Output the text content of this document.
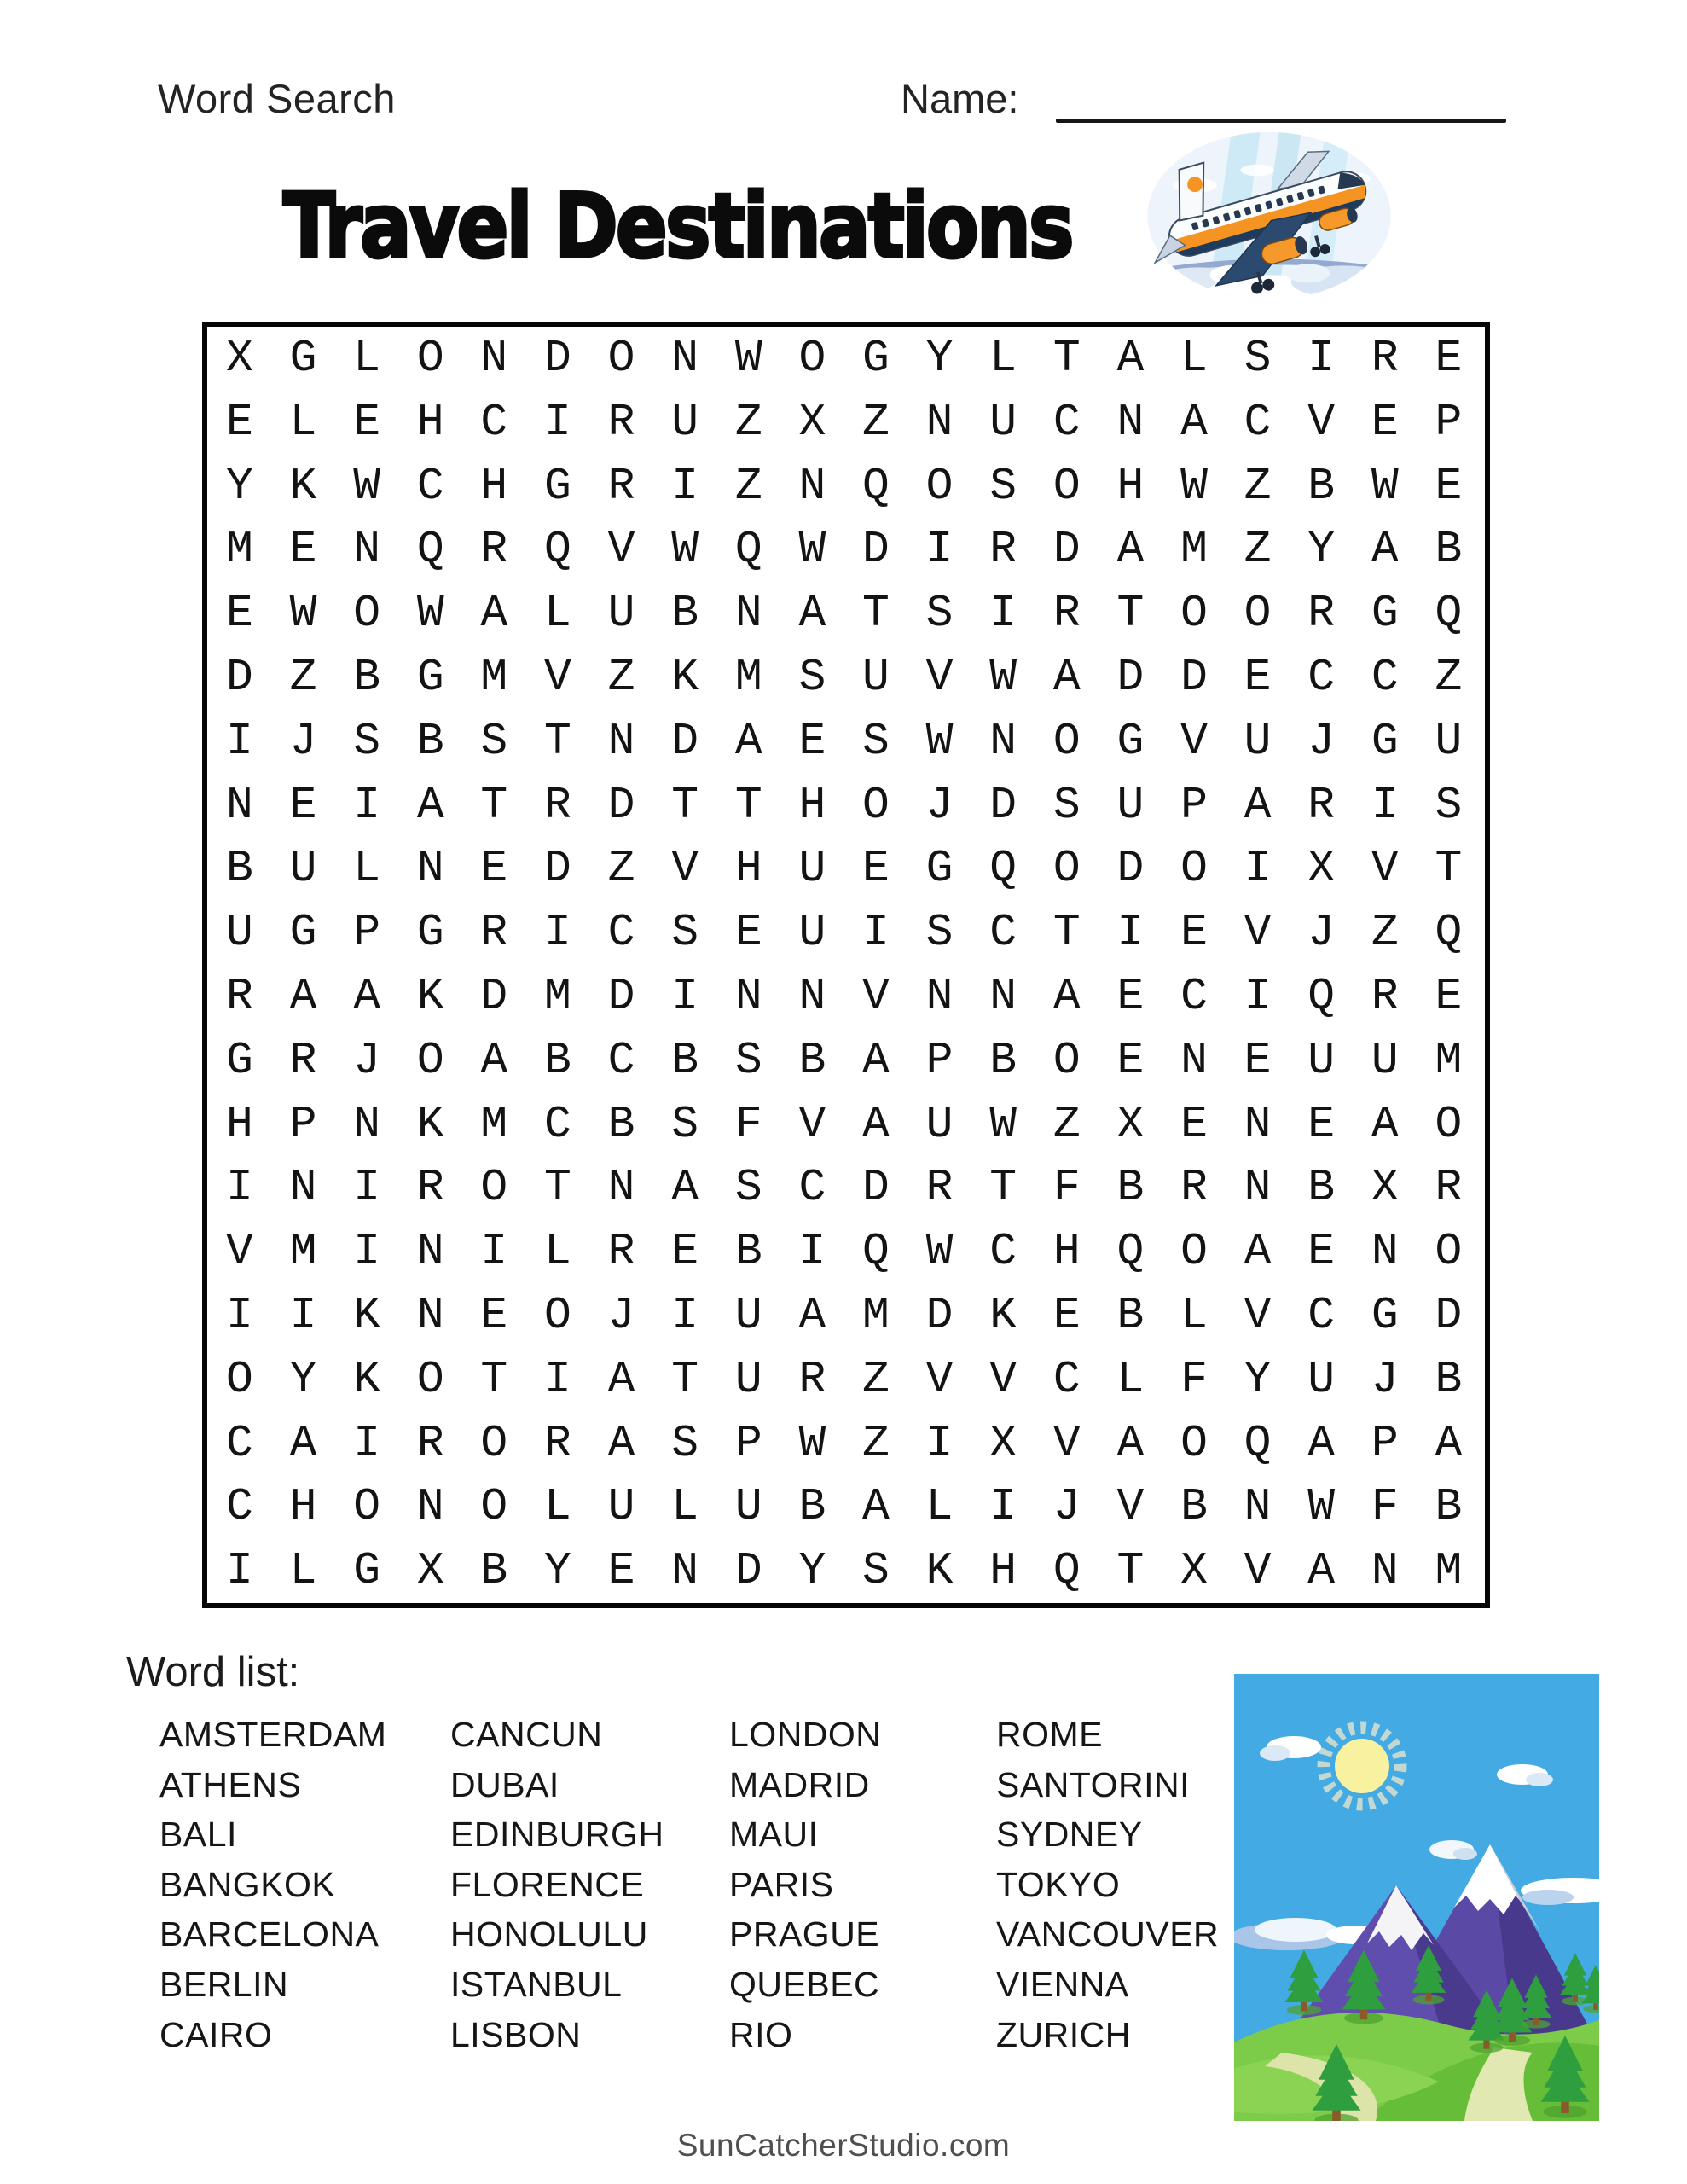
Word Search	Name:
Travel Destinations
XGLONDONWOGYLTALSIRE
ELEHCIRUZXZNUCNACVEP
YKWCHGRIZNQOSOHWZBWE
MENQRQVWQWDIRDAMZYAB
EWOWALUBNATSIRTOORGQ
DZBGMVZKMSUVWADDECCZ
IJSBSTNDAESWNOGVUJGU
NEIATRDTTHOJDSUPARIS
BULNEDZVHUEGQODOIXVT
UGPGRICSEUISCTIEVJZQ
RAAKDMDINNVNNAECIQRE
GRJOABCBSBAPBOENEUUM
HPNKMCBSFVAUWZXENEAO
INIROTNASCDRTFBRNBXR
VMINILREBIQWCHQOAENO
IIKNEOJIUAMDKEBLVCGD
OYKOTIATURZVVCLFYUJB
CAIRORASPWZIXVAOQAPA
CHONOLULUBALIJVBNWFB
ILGXBYENDYSKHQTXVANM
Word list:
AMSTERDAM
ATHENS
BALI
BANGKOK
BARCELONA
BERLIN
CAIRO
CANCUN
DUBAI
EDINBURGH
FLORENCE
HONOLULU
ISTANBUL
LISBON
LONDON
MADRID
MAUI
PARIS
PRAGUE
QUEBEC
RIO
ROME
SANTORINI
SYDNEY
TOKYO
VANCOUVER
VIENNA
ZURICH
SunCatcherStudio.com
